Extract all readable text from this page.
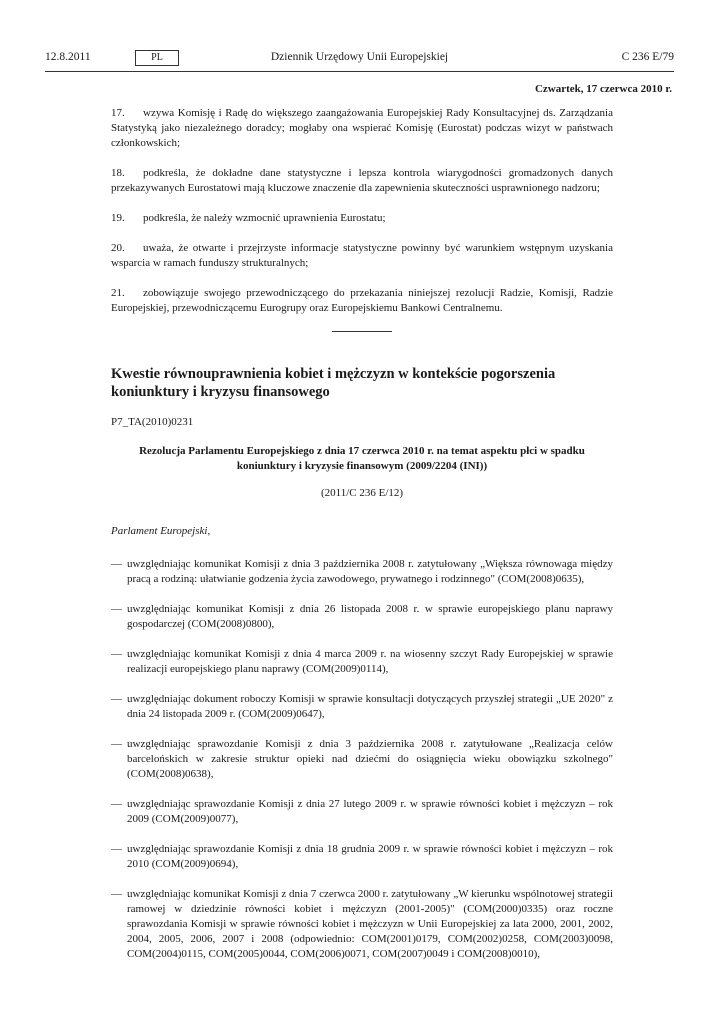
12.8.2011	PL	Dziennik Urzędowy Unii Europejskiej	C 236 E/79
Czwartek, 17 czerwca 2010 r.

17. wzywa Komisję i Radę do większego zaangażowania Europejskiej Rady Konsultacyjnej ds. Zarządzania Statystyką jako niezależnego doradcy; mogłaby ona wspierać Komisję (Eurostat) podczas wizyt w państwach członkowskich;

18. podkreśla, że dokładne dane statystyczne i lepsza kontrola wiarygodności gromadzonych danych przekazywanych Eurostatowi mają kluczowe znaczenie dla zapewnienia skuteczności usprawnionego nadzoru;

19. podkreśla, że należy wzmocnić uprawnienia Eurostatu;

20. uważa, że otwarte i przejrzyste informacje statystyczne powinny być warunkiem wstępnym uzyskania wsparcia w ramach funduszy strukturalnych;

21. zobowiązuje swojego przewodniczącego do przekazania niniejszej rezolucji Radzie, Komisji, Radzie Europejskiej, przewodniczącemu Eurogrupy oraz Europejskiemu Bankowi Centralnemu.

Kwestie równouprawnienia kobiet i mężczyzn w kontekście pogorszenia koniunktury i kryzysu finansowego
P7_TA(2010)0231
Rezolucja Parlamentu Europejskiego z dnia 17 czerwca 2010 r. na temat aspektu płci w spadku koniunktury i kryzysie finansowym (2009/2204 (INI))
(2011/C 236 E/12)
Parlament Europejski,
— uwzględniając komunikat Komisji z dnia 3 października 2008 r. zatytułowany „Większa równowaga między pracą a rodziną: ułatwianie godzenia życia zawodowego, prywatnego i rodzinnego" (COM(2008)0635),
— uwzględniając komunikat Komisji z dnia 26 listopada 2008 r. w sprawie europejskiego planu naprawy gospodarczej (COM(2008)0800),
— uwzględniając komunikat Komisji z dnia 4 marca 2009 r. na wiosenny szczyt Rady Europejskiej w sprawie realizacji europejskiego planu naprawy (COM(2009)0114),
— uwzględniając dokument roboczy Komisji w sprawie konsultacji dotyczących przyszłej strategii „UE 2020" z dnia 24 listopada 2009 r. (COM(2009)0647),
— uwzględniając sprawozdanie Komisji z dnia 3 października 2008 r. zatytułowane „Realizacja celów barcelońskich w zakresie struktur opieki nad dziećmi do osiągnięcia wieku obowiązku szkolnego" (COM(2008)0638),
— uwzględniając sprawozdanie Komisji z dnia 27 lutego 2009 r. w sprawie równości kobiet i mężczyzn – rok 2009 (COM(2009)0077),
— uwzględniając sprawozdanie Komisji z dnia 18 grudnia 2009 r. w sprawie równości kobiet i mężczyzn – rok 2010 (COM(2009)0694),
— uwzględniając komunikat Komisji z dnia 7 czerwca 2000 r. zatytułowany „W kierunku wspólnotowej strategii ramowej w dziedzinie równości kobiet i mężczyzn (2001-2005)" (COM(2000)0335) oraz roczne sprawozdania Komisji w sprawie równości kobiet i mężczyzn w Unii Europejskiej za lata 2000, 2001, 2002, 2004, 2005, 2006, 2007 i 2008 (odpowiednio: COM(2001)0179, COM(2002)0258, COM(2003)0098, COM(2004)0115, COM(2005)0044, COM(2006)0071, COM(2007)0049 i COM(2008)0010),
